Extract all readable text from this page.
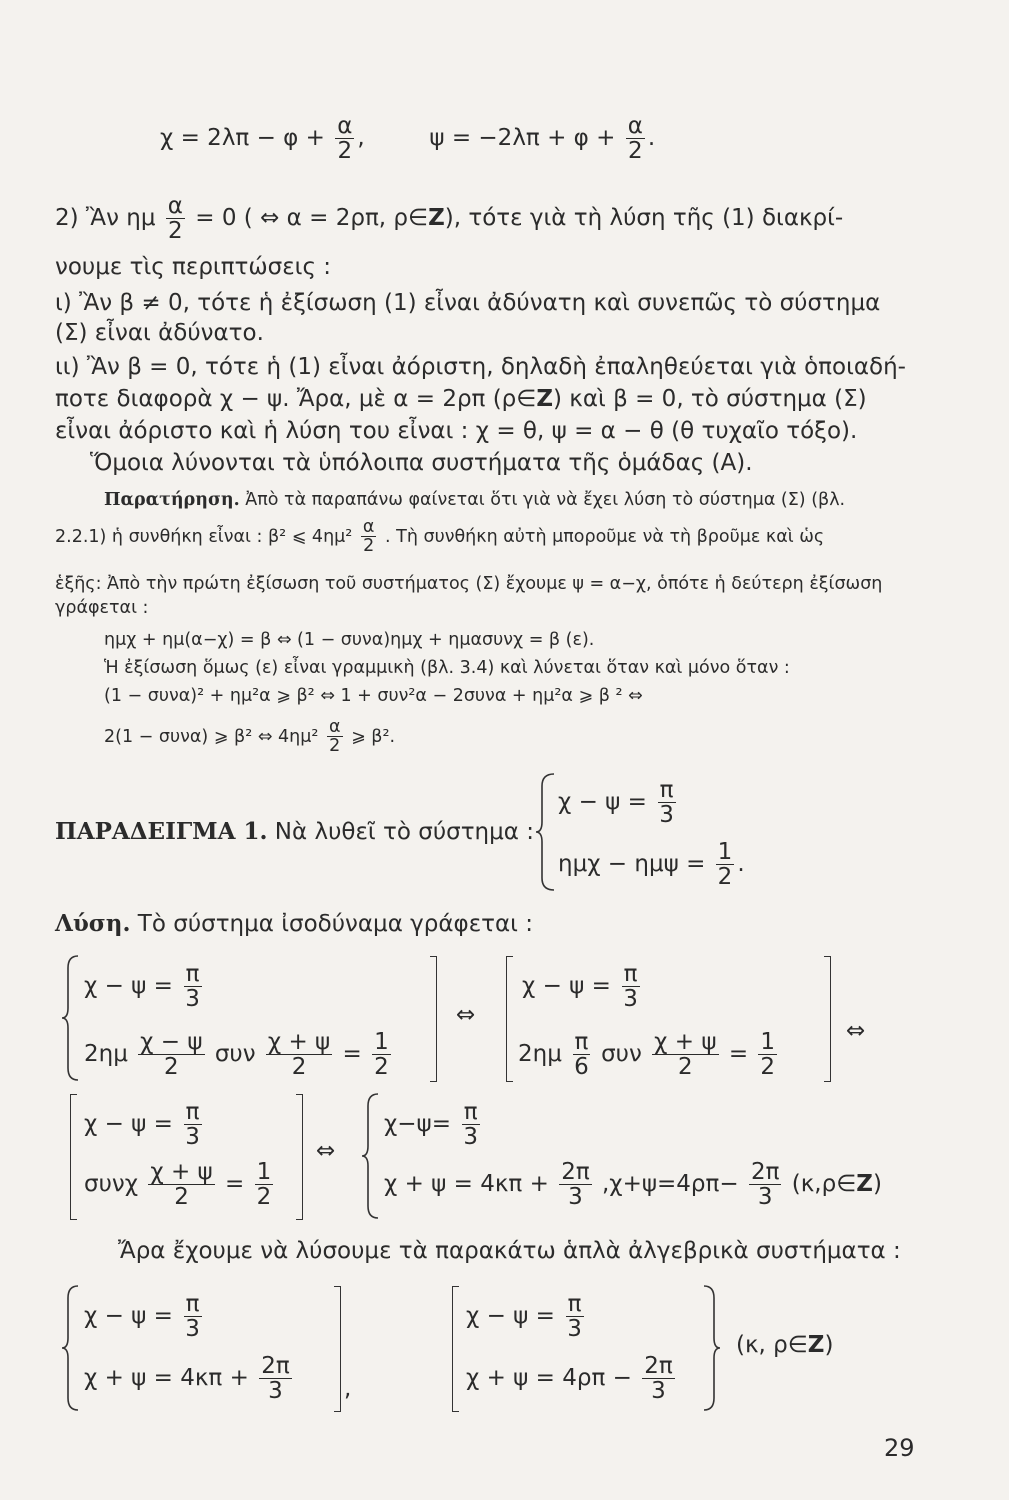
$\chi = 2\lambda\pi - \varphi + \frac{\alpha}{2}$ ,	$\psi = -2\lambda\pi + \varphi + \frac{\alpha}{2}$ .
2) Ἂν ημ $\frac{\alpha}{2} = 0$ ( ⇔ α = 2ρπ, ρ∈Z), τότε γιὰ τὴ λύση τῆς (1) διακρί-
νουμε τὶς περιπτώσεις :
ι) Ἂν β ≠ 0, τότε ἡ ἐξίσωση (1) εἶναι ἀδύνατη καὶ συνεπῶς τὸ σύστημα
(Σ) εἶναι ἀδύνατο.
ιι) Ἂν β = 0, τότε ἡ (1) εἶναι ἀόριστη, δηλαδὴ ἐπαληθεύεται γιὰ ὁποιαδή-
ποτε διαφορὰ χ − ψ. Ἄρα, μὲ α = 2ρπ (ρ∈Z) καὶ β = 0, τὸ σύστημα (Σ)
εἶναι ἀόριστο καὶ ἡ λύση του εἶναι : χ = θ, ψ = α − θ (θ τυχαῖο τόξο).
Ὅμοια λύνονται τὰ ὑπόλοιπα συστήματα τῆς ὁμάδας (Α).
Παρατήρηση. Ἀπὸ τὰ παραπάνω φαίνεται ὅτι γιὰ νὰ ἔχει λύση τὸ σύστημα (Σ) (βλ.
2.2.1) ἡ συνθήκη εἶναι : β² ⩽ $4\eta\mu^2 \frac{\alpha}{2}$ . Τὴ συνθήκη αὐτὴ μποροῦμε νὰ τὴ βροῦμε καὶ ὡς
ἑξῆς: Ἀπὸ τὴν πρώτη ἐξίσωση τοῦ συστήματος (Σ) ἔχουμε ψ = α−χ, ὁπότε ἡ δεύτερη ἐξίσωση
γράφεται :
ημχ + ημ(α−χ) = β ⇔ (1 − συνα)ημχ + ημασυνχ = β (ε).
Ἡ ἐξίσωση ὅμως (ε) εἶναι γραμμικὴ (βλ. 3.4) καὶ λύνεται ὅταν καὶ μόνο ὅταν :
(1 − συνα)² + ημ²α ⩾ β² ⇔ 1 + συν²α − 2συνα + ημ²α ⩾ β ² ⇔
2(1 − συνα) ⩾ β² ⇔ $4\eta\mu^2 \frac{\alpha}{2}$ ⩾ β².
ΠΑΡΑΔΕΙΓΜΑ 1. Νὰ λυθεῖ τὸ σύστημα :
$\chi - \psi = \frac{\pi}{3}$
$\eta\mu\chi - \eta\mu\psi = \frac{1}{2}$ .
Λύση. Τὸ σύστημα ἰσοδύναμα γράφεται :
$\chi - \psi = \frac{\pi}{3}$
$2\eta\mu \frac{\chi - \psi}{2}$ συν $\frac{\chi + \psi}{2} = \frac{1}{2}$
⇔
$\chi - \psi = \frac{\pi}{3}$
$2\eta\mu \frac{\pi}{6}$ συν $\frac{\chi + \psi}{2} = \frac{1}{2}$	⇔
$\chi - \psi = \frac{\pi}{3}$
συνχ $\frac{\chi + \psi}{2} = \frac{1}{2}$
⇔
$\chi-\psi= \frac{\pi}{3}$
$\chi + \psi = 4\kappa\pi + \frac{2\pi}{3} ,\chi+\psi=4\rho\pi- \frac{2\pi}{3}$ (κ,ρ∈Z)
Ἄρα ἔχουμε νὰ λύσουμε τὰ παρακάτω ἁπλὰ ἀλγεβρικὰ συστήματα :
$\chi - \psi = \frac{\pi}{3}$
$\chi + \psi = 4\kappa\pi + \frac{2\pi}{3}$ ,
$\chi - \psi = \frac{\pi}{3}$
$\chi + \psi = 4\rho\pi - \frac{2\pi}{3}$
(κ, ρ∈Z)
29
